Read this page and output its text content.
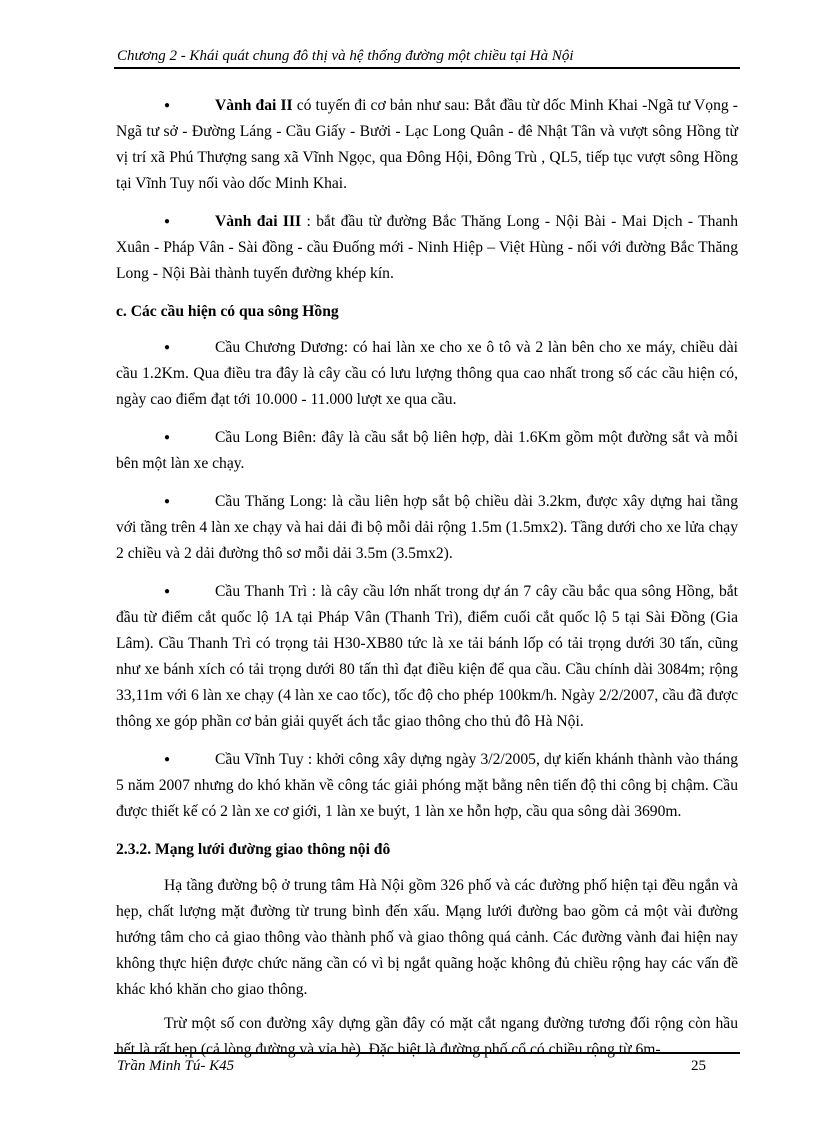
Chương 2 - Khái quát chung đô thị và hệ thống đường một chiều tại Hà Nội

●	Vành đai II có tuyến đi cơ bản như sau: Bắt đầu từ dốc Minh Khai -Ngã tư Vọng - Ngã tư sở - Đường Láng - Cầu Giấy - Bưởi - Lạc Long Quân - đê Nhật Tân và vượt sông Hồng từ vị trí xã Phú Thượng sang xã Vĩnh Ngọc, qua Đông Hội, Đông Trù , QL5, tiếp tục vượt sông Hồng tại Vĩnh Tuy nối vào dốc Minh Khai.

●	Vành đai III : bắt đầu từ đường Bắc Thăng Long - Nội Bài - Mai Dịch - Thanh Xuân - Pháp Vân - Sài đồng - cầu Đuống mới - Ninh Hiệp – Việt Hùng - nối với đường Bắc Thăng Long - Nội Bài thành tuyến đường khép kín.

c. Các cầu hiện có qua sông Hồng

●	Cầu Chương Dương: có hai làn xe cho xe ô tô và 2 làn bên cho xe máy, chiều dài cầu 1.2Km. Qua điều tra đây là cây cầu có lưu lượng thông qua cao nhất trong số các cầu hiện có, ngày cao điểm đạt tới 10.000 - 11.000 lượt xe qua cầu.

●	Cầu Long Biên: đây là cầu sắt bộ liên hợp, dài 1.6Km gồm một đường sắt và mỗi bên một làn xe chạy.

●	Cầu Thăng Long: là cầu liên hợp sắt bộ chiều dài 3.2km, được xây dựng hai tầng với tầng trên 4 làn xe chạy và hai dải đi bộ mỗi dải rộng 1.5m (1.5mx2). Tầng dưới cho xe lửa chạy 2 chiều và 2 dải đường thô sơ mỗi dải 3.5m (3.5mx2).

●	Cầu Thanh Trì : là cây cầu lớn nhất trong dự án 7 cây cầu bắc qua sông Hồng, bắt đầu từ điểm cắt quốc lộ 1A tại Pháp Vân (Thanh Trì), điểm cuối cắt quốc lộ 5 tại Sài Đồng (Gia Lâm). Cầu Thanh Trì có trọng tải H30-XB80 tức là xe tải bánh lốp có tải trọng dưới 30 tấn, cũng như xe bánh xích có tải trọng dưới 80 tấn thì đạt điều kiện để qua cầu. Cầu chính dài 3084m; rộng 33,11m với 6 làn xe chạy (4 làn xe cao tốc), tốc độ cho phép 100km/h. Ngày 2/2/2007, cầu đã được thông xe góp phần cơ bản giải quyết ách tắc giao thông cho thủ đô Hà Nội.

●	Cầu Vĩnh Tuy : khởi công xây dựng ngày 3/2/2005, dự kiến khánh thành vào tháng 5 năm 2007 nhưng do khó khăn về công tác giải phóng mặt bằng nên tiến độ thi công bị chậm. Cầu được thiết kế có 2 làn xe cơ giới, 1 làn xe buýt, 1 làn xe hỗn hợp, cầu qua sông dài 3690m.

2.3.2. Mạng lưới đường giao thông nội đô

Hạ tầng đường bộ ở trung tâm Hà Nội gồm 326 phố và các đường phố hiện tại đều ngắn và hẹp, chất lượng mặt đường từ trung bình đến xấu. Mạng lưới đường bao gồm cả một vài đường hướng tâm cho cả giao thông vào thành phố và giao thông quá cảnh. Các đường vành đai hiện nay không thực hiện được chức năng cần có vì bị ngắt quãng hoặc không đủ chiều rộng hay các vấn đề khác khó khăn cho giao thông.

Trừ một số con đường xây dựng gần đây có mặt cắt ngang đường tương đối rộng còn hầu hết là rất hẹp (cả lòng đường và vỉa hè). Đặc biệt là đường phố cổ có chiều rộng từ 6m-

Trần Minh Tú- K45	25
